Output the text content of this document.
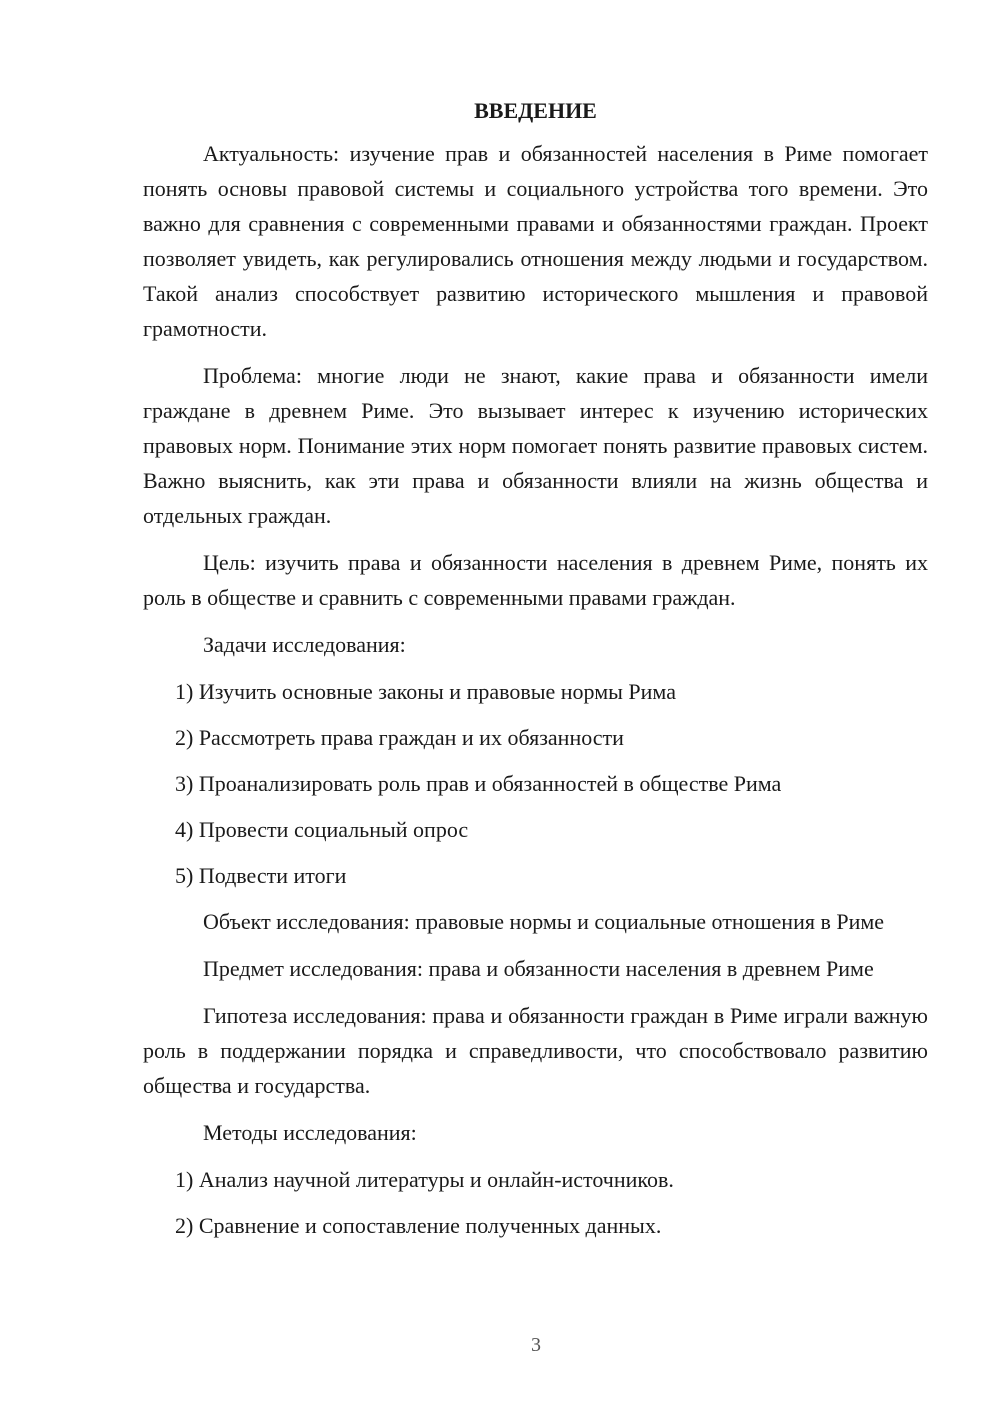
ВВЕДЕНИЕ

Актуальность: изучение прав и обязанностей населения в Риме помогает понять основы правовой системы и социального устройства того времени. Это важно для сравнения с современными правами и обязанностями граждан. Проект позволяет увидеть, как регулировались отношения между людьми и государством. Такой анализ способствует развитию исторического мышления и правовой грамотности.

Проблема: многие люди не знают, какие права и обязанности имели граждане в древнем Риме. Это вызывает интерес к изучению исторических правовых норм. Понимание этих норм помогает понять развитие правовых систем. Важно выяснить, как эти права и обязанности влияли на жизнь общества и отдельных граждан.

Цель: изучить права и обязанности населения в древнем Риме, понять их роль в обществе и сравнить с современными правами граждан.

Задачи исследования:

1) Изучить основные законы и правовые нормы Рима
2) Рассмотреть права граждан и их обязанности
3) Проанализировать роль прав и обязанностей в обществе Рима
4) Провести социальный опрос
5) Подвести итоги

Объект исследования: правовые нормы и социальные отношения в Риме

Предмет исследования: права и обязанности населения в древнем Риме

Гипотеза исследования: права и обязанности граждан в Риме играли важную роль в поддержании порядка и справедливости, что способствовало развитию общества и государства.

Методы исследования:

1) Анализ научной литературы и онлайн-источников.
2) Сравнение и сопоставление полученных данных.
3
